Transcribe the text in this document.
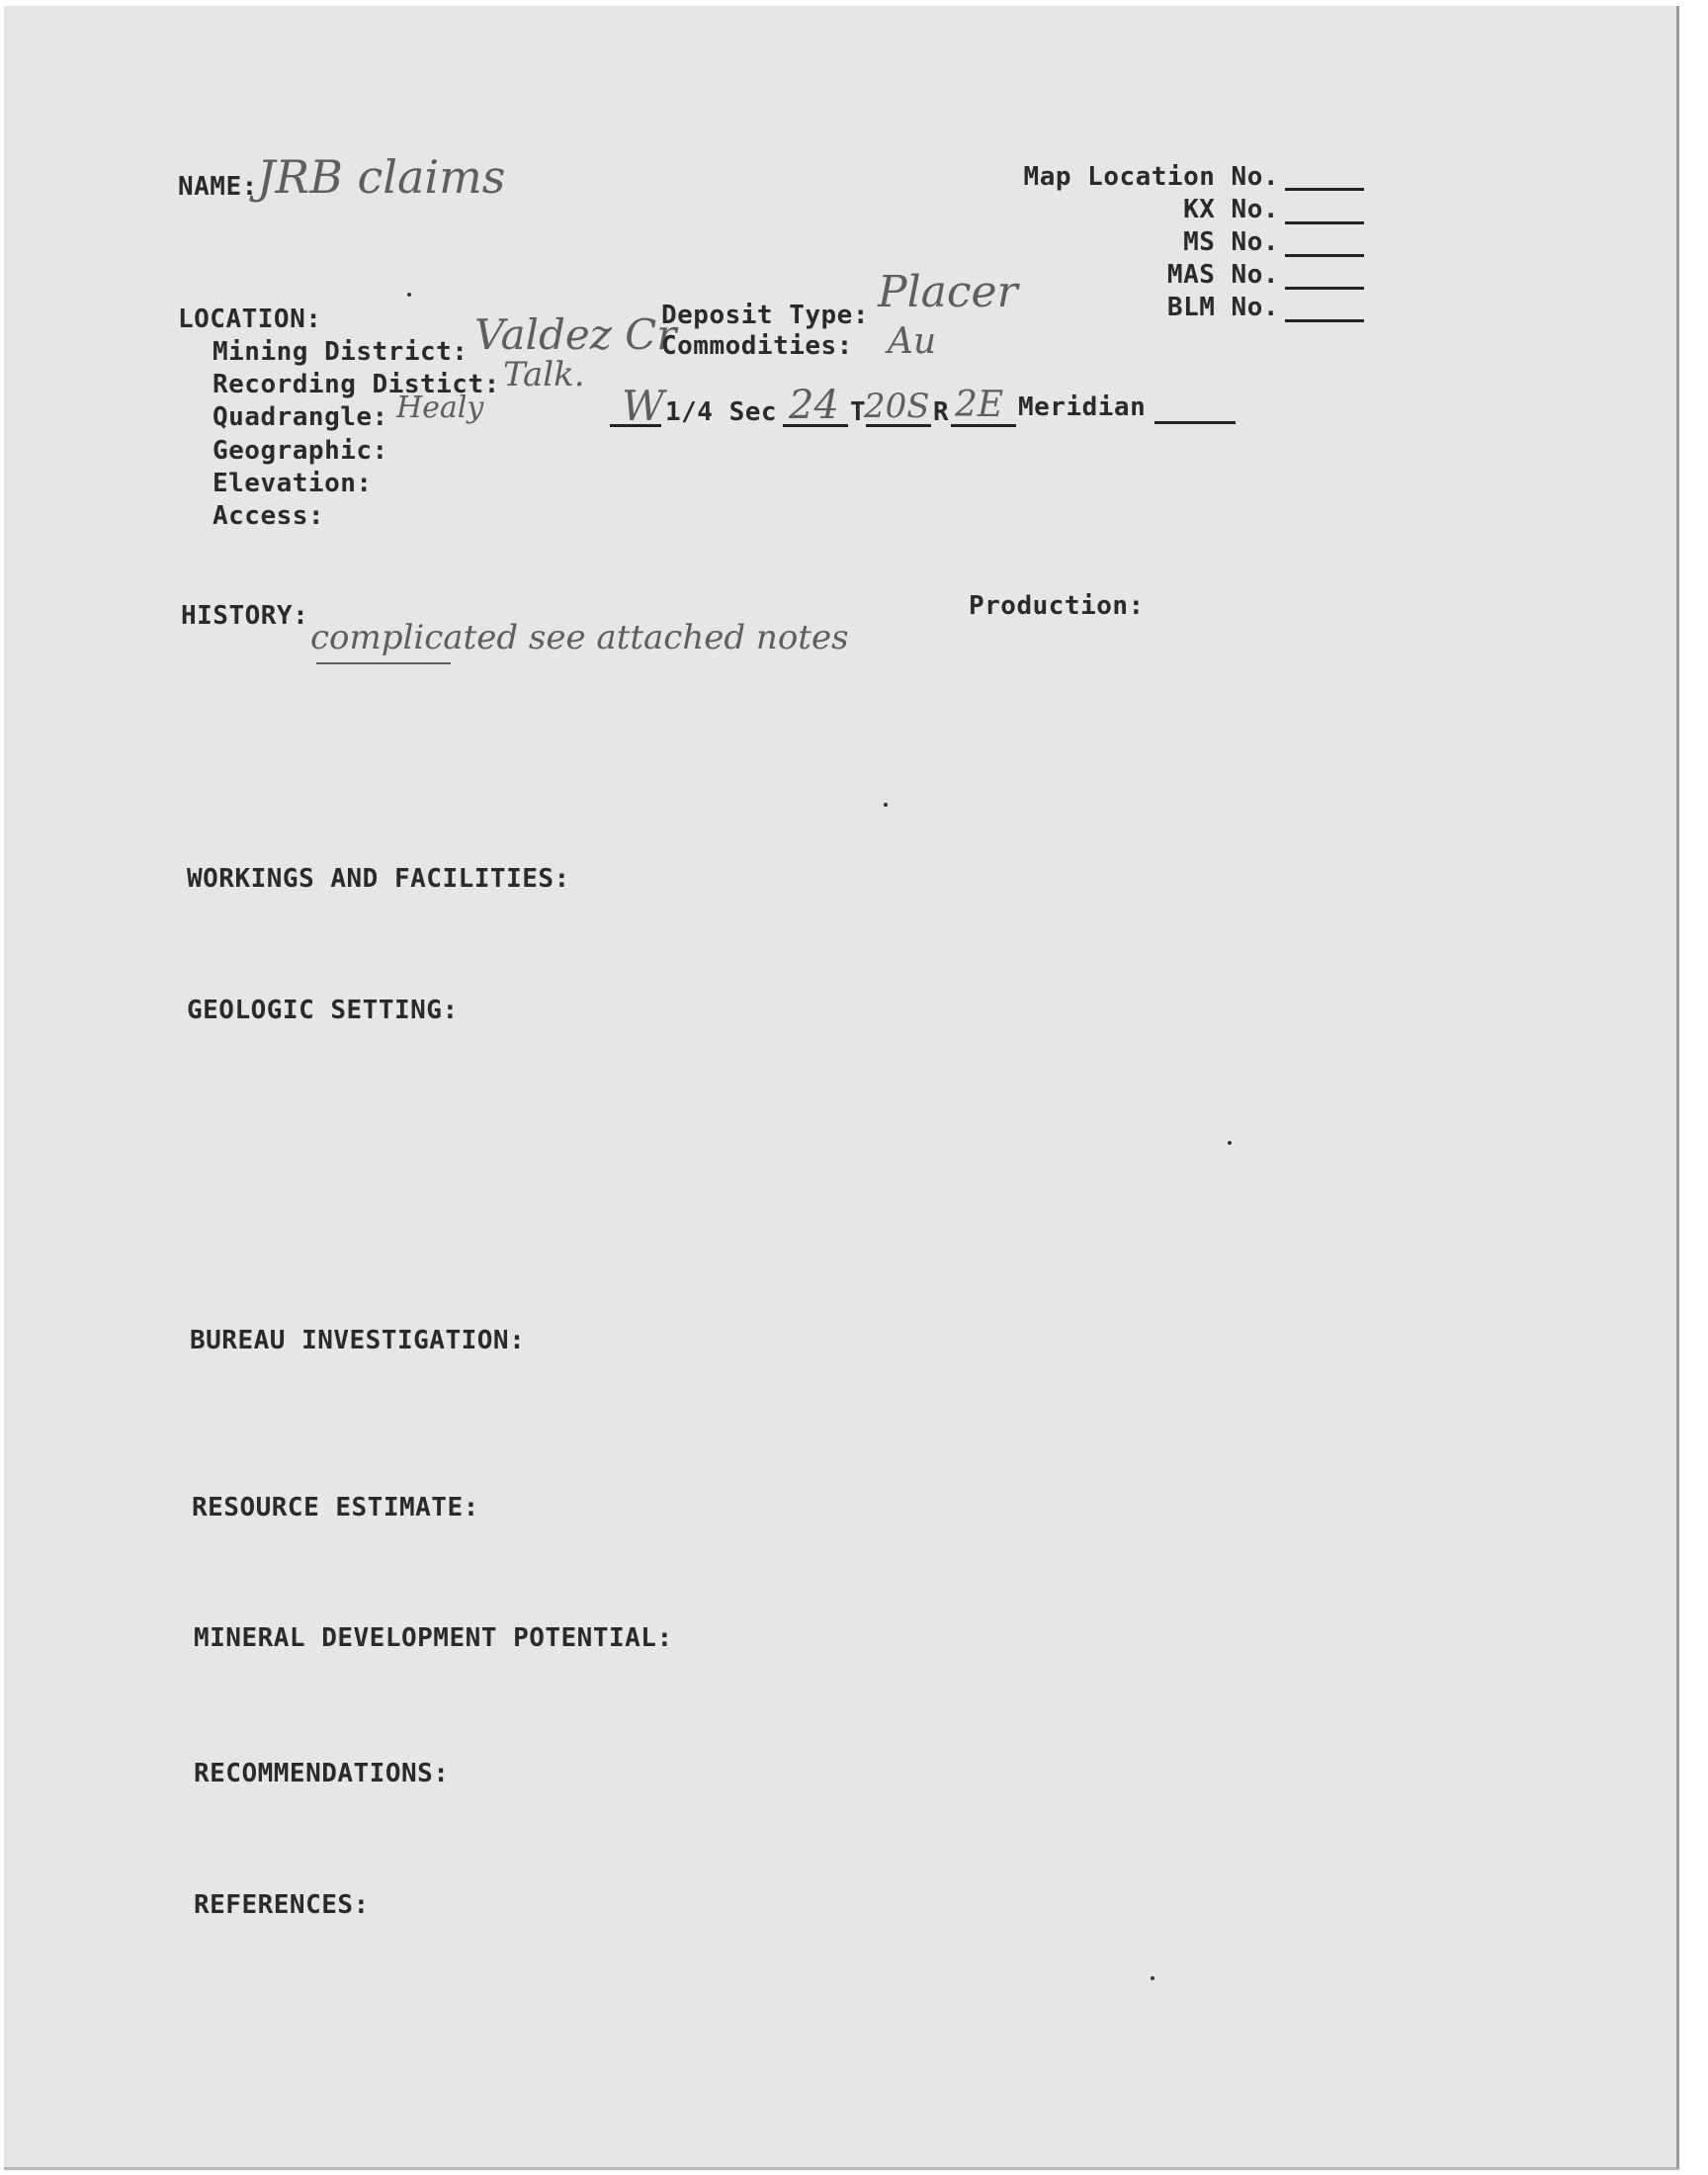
NAME: JRB claims	Map Location No.
KX No.
MS No.
MAS No.
BLM No.
LOCATION:
Mining District: Valdez Cr
Recording Distict: Talk.
Quadrangle: Healy
Geographic:
Elevation:
Access:
Deposit Type: Placer
Commodities: Au
W 1/4 Sec 24 T
20S R 2E Meridian
HISTORY:
complicated see attached notes
Production:
WORKINGS AND FACILITIES:
GEOLOGIC SETTING:
BUREAU INVESTIGATION:
RESOURCE ESTIMATE:
MINERAL DEVELOPMENT POTENTIAL:
RECOMMENDATIONS:
REFERENCES:
